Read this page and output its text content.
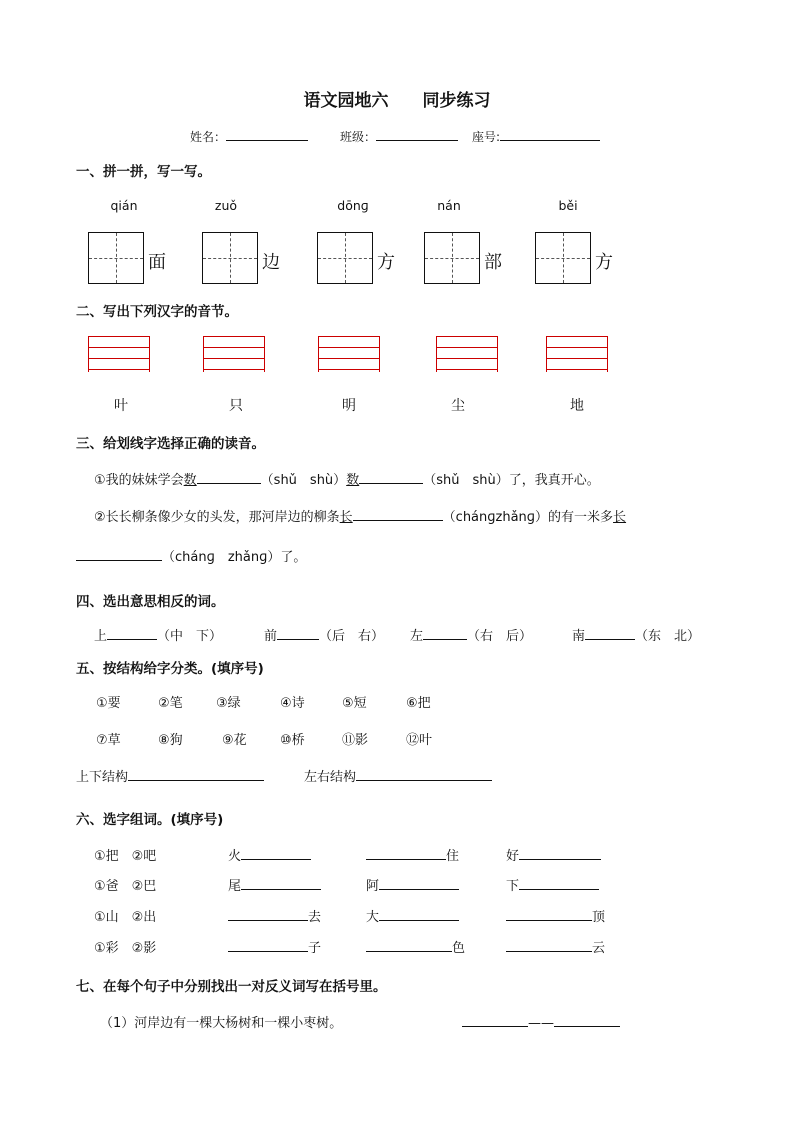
语文园地六　　同步练习
姓名：	班级：	座号:
一、拼一拼，写一写。
qián	zuǒ	dōnɡ	nán	běi
面	边	方	部	方
二、写出下列汉字的音节。
叶	只	明	尘	地
三、给划线字选择正确的读音。
①我的妹妹学会数	（shǔ　shù）数	（shǔ　shù）了，我真开心。
②长长柳条像少女的头发，那河岸边的柳条长	（chánɡzhǎnɡ）的有一米多长
（chánɡ　zhǎnɡ）了。
四、选出意思相反的词。
上	（中　下）	前	（后　右） 左	（右　后）	南	（东　北）
五、按结构给字分类。(填序号)
①要	②笔	③绿	④诗	⑤短	⑥把
⑦草	⑧狗	⑨花	⑩桥	⑪影	⑫叶
上下结构	左右结构
六、选字组词。(填序号)
①把　②吧	火	住	好
①爸　②巴	尾	阿	下
①山　②出	去	大	顶
①彩　②影	子	色	云
七、在每个句子中分别找出一对反义词写在括号里。
（1）河岸边有一棵大杨树和一棵小枣树。	——
